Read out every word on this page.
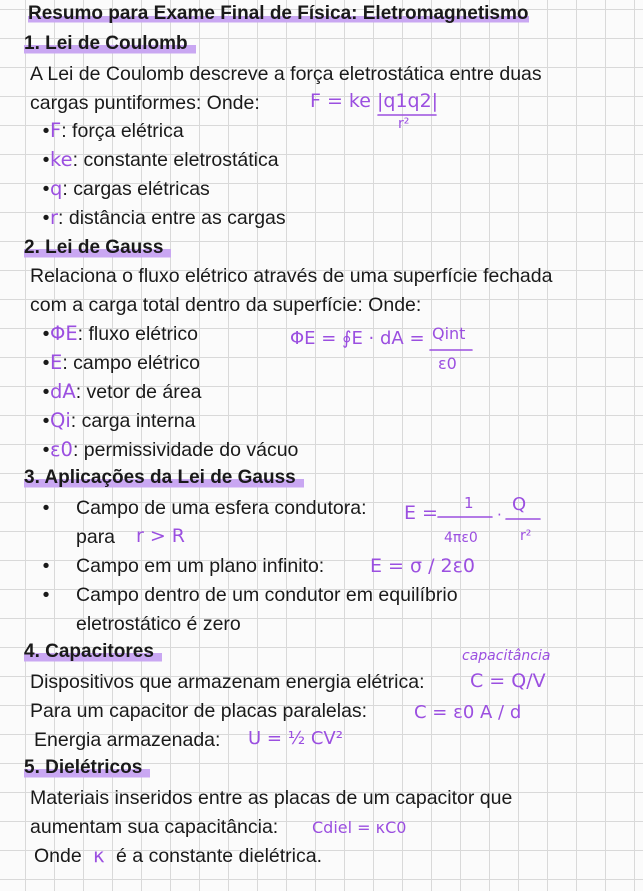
Resumo para Exame Final de Física: Eletromagnetismo
1. Lei de Coulomb
A Lei de Coulomb descreve a força eletrostática entre duas
cargas puntiformes: Onde:	F = ke |q1q2|
r²
•F: força elétrica
•ke: constante eletrostática
•q: cargas elétricas
•r: distância entre as cargas
2. Lei de Gauss
Relaciona o fluxo elétrico através de uma superfície fechada
com a carga total dentro da superfície: Onde:
ΦE = ∮E · dA = Qint
ε0
•ΦE: fluxo elétrico
•E: campo elétrico
•dA: vetor de área
•Qi: carga interna
•ε0: permissividade do vácuo
3. Aplicações da Lei de Gauss
• Campo de uma esfera condutora:
para r > R
E = 1
4πε0
· Q
r²
• Campo em um plano infinito: E = σ / 2ε0
• Campo dentro de um condutor em equilíbrio
eletrostático é zero
4. Capacitores	capacitância
Dispositivos que armazenam energia elétrica: C = Q/V
Para um capacitor de placas paralelas:	C = ε0 A / d
Energia armazenada: U = ½ CV²
5. Dielétricos
Materiais inseridos entre as placas de um capacitor que
aumentam sua capacitância: Cdiel = κC0
Onde κ é a constante dielétrica.
